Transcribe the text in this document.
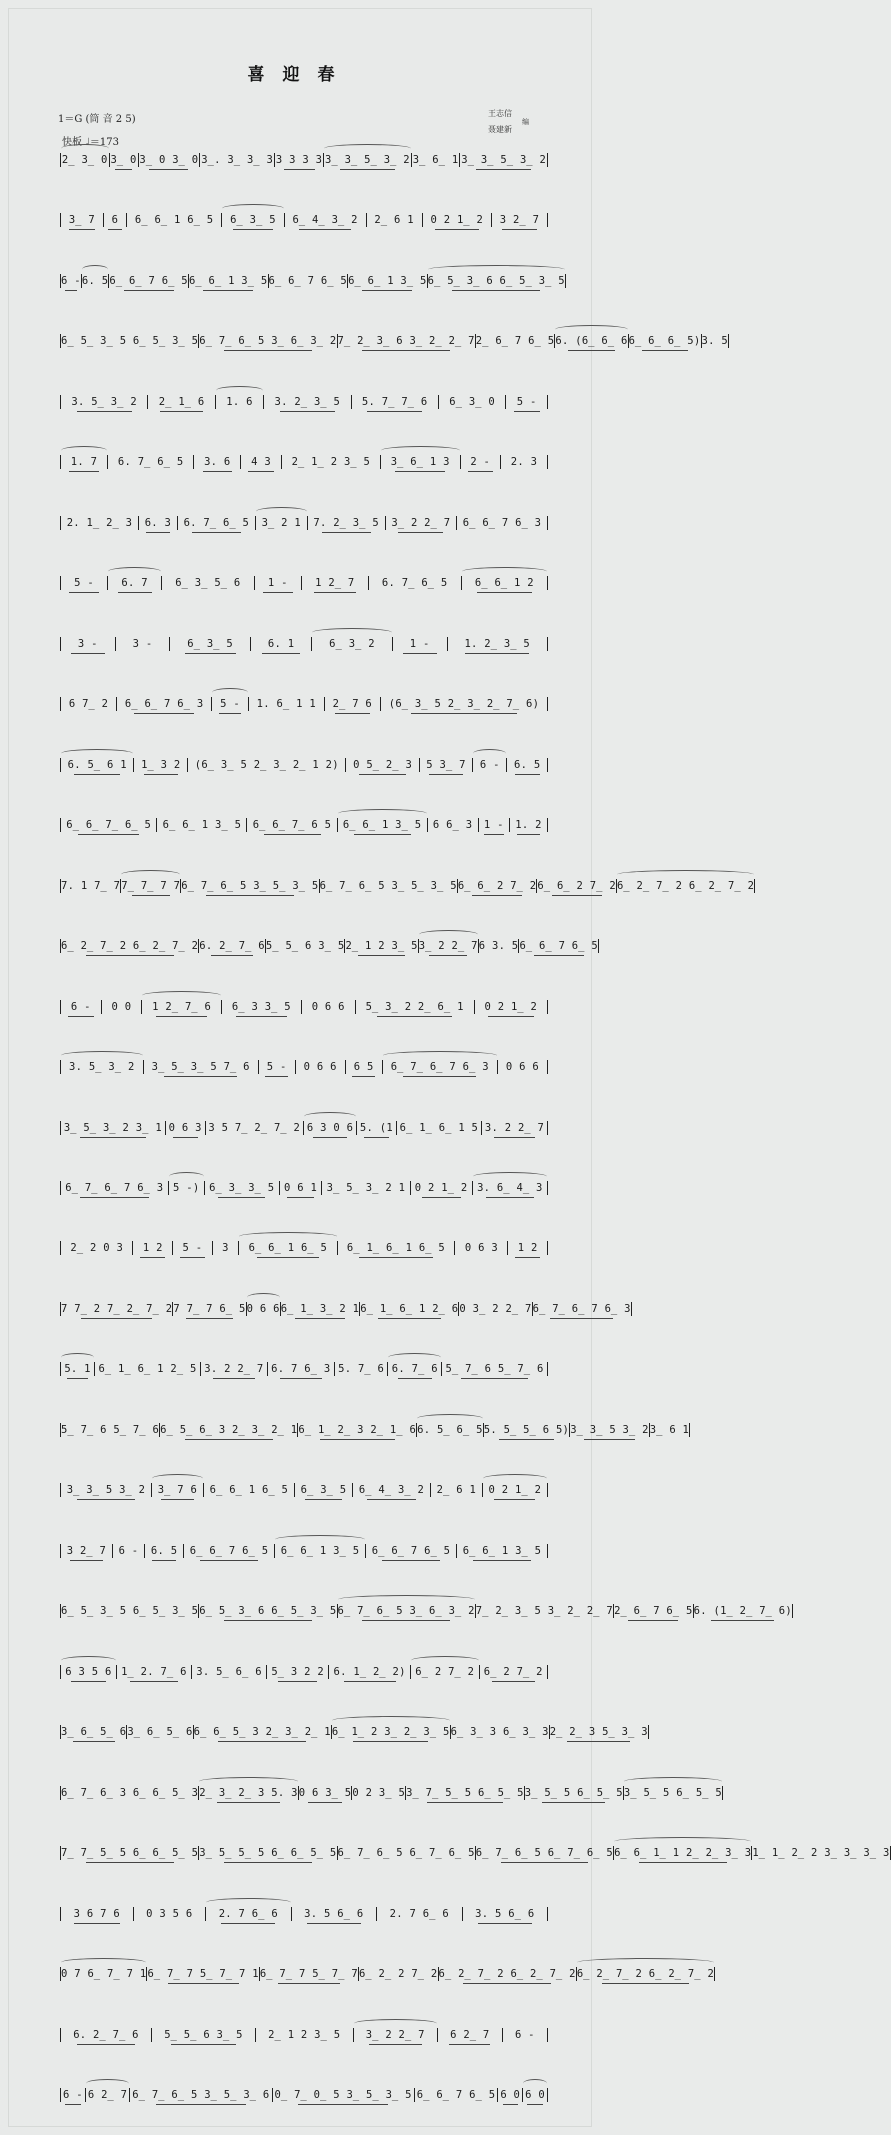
喜迎春
1＝G (筒 音 2 5)
快板 ♩＝173
王志信
聂建新
编
2̲ 3̲ 0 3̲ 0 3̲ 0 3̲ 0 3̲. 3̲ 3̲ 3 3 3 3 3 3̲ 3̲ 5̲ 3̲ 2 3̲ 6̲ 1 3̲ 3̲ 5̲ 3̲ 2
3̲ 7	6	6̲ 6̲ 1 6̲ 5	6̲ 3̲ 5	6̲ 4̲ 3̲ 2	2̲ 6 1	0 2 1̲ 2	3 2̲ 7
6 - 6. 5 6̲ 6̲ 7 6̲ 5 6̲ 6̲ 1 3̲ 5 6̲ 6̲ 7 6̲ 5 6̲ 6̲ 1 3̲ 5 6̲ 5̲ 3̲ 6 6̲ 5̲ 3̲ 5
6̲ 5̲ 3̲ 5 6̲ 5̲ 3̲ 5 6̲ 7̲ 6̲ 5 3̲ 6̲ 3̲ 2 7̲ 2̲ 3̲ 6 3̲ 2̲ 2̲ 7 2̲ 6̲ 7 6̲ 5 6. (6̲ 6̲ 6 6̲ 6̲ 6̲ 5) 3. 5
3. 5̲ 3̲ 2	2̲ 1̲ 6	1. 6	3. 2̲ 3̲ 5	5. 7̲ 7̲ 6	6̲ 3̲ 0	5 -
1. 7	6. 7̲ 6̲ 5	3. 6	4 3	2̲ 1̲ 2 3̲ 5	3̲ 6̲ 1 3	2 -	2. 3
2. 1̲ 2̲ 3	6. 3	6. 7̲ 6̲ 5	3̲ 2 1	7. 2̲ 3̲ 5	3̲ 2 2̲ 7	6̲ 6̲ 7 6̲ 3
5 -	6. 7	6̲ 3̲ 5̲ 6	1 -	1 2̲ 7	6. 7̲ 6̲ 5	6̲ 6̲ 1 2
3 -	3 -	6̲ 3̲ 5	6. 1	6̲ 3̲ 2	1 -	1. 2̲ 3̲ 5
6 7̲ 2	6̲ 6̲ 7 6̲ 3	5 -	1. 6̲ 1 1	2̲ 7 6	(6̲ 3̲ 5 2̲ 3̲ 2̲ 7̲ 6)
6. 5̲ 6 1	1̲ 3 2	(6̲ 3̲ 5 2̲ 3̲ 2̲ 1 2)	0 5̲ 2̲ 3	5 3̲ 7	6 -	6. 5
6̲ 6̲ 7̲ 6̲ 5	6̲ 6̲ 1 3̲ 5	6̲ 6̲ 7̲ 6 5	6̲ 6̲ 1 3̲ 5	6 6̲ 3	1 -	1. 2
7. 1 7̲ 7 7̲ 7̲ 7 7 6̲ 7̲ 6̲ 5 3̲ 5̲ 3̲ 5 6̲ 7̲ 6̲ 5 3̲ 5̲ 3̲ 5 6̲ 6̲ 2 7̲ 2 6̲ 6̲ 2 7̲ 2 6̲ 2̲ 7̲ 2 6̲ 2̲ 7̲ 2
6̲ 2̲ 7̲ 2 6̲ 2̲ 7̲ 2 6. 2̲ 7̲ 6 5̲ 5̲ 6 3̲ 5 2̲ 1 2 3̲ 5 3̲ 2 2̲ 7 6 3. 5 6̲ 6̲ 7 6̲ 5
6 -	0 0	1 2̲ 7̲ 6	6̲ 3 3̲ 5	0 6 6	5̲ 3̲ 2 2̲ 6̲ 1	0 2 1̲ 2
3. 5̲ 3̲ 2	3̲ 5̲ 3̲ 5 7̲ 6	5 -	0 6 6	6 5	6̲ 7̲ 6̲ 7 6̲ 3	0 6 6
3̲ 5̲ 3̲ 2 3̲ 1 0 6 3 3 5 7̲ 2̲ 7̲ 2 6 3 0 6 5. (1 6̲ 1̲ 6̲ 1 5 3. 2 2̲ 7
6̲ 7̲ 6̲ 7 6̲ 3 5 -) 6̲ 3̲ 3̲ 5 0 6 1 3̲ 5̲ 3̲ 2 1 0 2 1̲ 2 3. 6̲ 4̲ 3
2̲ 2 0 3	1 2	5 -	3	6̲ 6̲ 1 6̲ 5	6̲ 1̲ 6̲ 1 6̲ 5	0 6 3	1 2
7 7̲ 2 7̲ 2̲ 7̲ 2 7 7̲ 7 6̲ 5 0 6 6 6̲ 1̲ 3̲ 2 1 6̲ 1̲ 6̲ 1 2̲ 6 0 3̲ 2 2̲ 7 6̲ 7̲ 6̲ 7 6̲ 3
5. 1 6̲ 1̲ 6̲ 1 2̲ 5 3. 2 2̲ 7 6. 7 6̲ 3 5. 7̲ 6 6. 7̲ 6 5̲ 7̲ 6 5̲ 7̲ 6
5̲ 7̲ 6 5̲ 7̲ 6 6̲ 5̲ 6̲ 3 2̲ 3̲ 2̲ 1 6̲ 1̲ 2̲ 3 2̲ 1̲ 6 6. 5̲ 6̲ 5 5. 5̲ 5̲ 6 5) 3̲ 3̲ 5 3̲ 2 3̲ 6 1
3̲ 3̲ 5 3̲ 2	3̲ 7 6	6̲ 6̲ 1 6̲ 5	6̲ 3̲ 5	6̲ 4̲ 3̲ 2	2̲ 6 1	0 2 1̲ 2
3 2̲ 7	6 -	6. 5	6̲ 6̲ 7 6̲ 5	6̲ 6̲ 1 3̲ 5	6̲ 6̲ 7 6̲ 5	6̲ 6̲ 1 3̲ 5
6̲ 5̲ 3̲ 5 6̲ 5̲ 3̲ 5 6̲ 5̲ 3̲ 6 6̲ 5̲ 3̲ 5 6̲ 7̲ 6̲ 5 3̲ 6̲ 3̲ 2 7̲ 2̲ 3̲ 5 3̲ 2̲ 2̲ 7 2̲ 6̲ 7 6̲ 5 6. (1̲ 2̲ 7̲ 6)
6 3 5 6 1̲ 2. 7̲ 6 3. 5̲ 6̲ 6 5̲ 3 2 2 6. 1̲ 2̲ 2) 6̲ 2 7̲ 2 6̲ 2 7̲ 2
3̲ 6̲ 5̲ 6 3̲ 6̲ 5̲ 6 6̲ 6̲ 5̲ 3 2̲ 3̲ 2̲ 1 6̲ 1̲ 2 3̲ 2̲ 3̲ 5 6̲ 3̲ 3 6̲ 3̲ 3 2̲ 2̲ 3 5̲ 3̲ 3
6̲ 7̲ 6̲ 3 6̲ 6̲ 5̲ 3 2̲ 3̲ 2̲ 3 5. 3 0 6 3̲ 5 0 2 3̲ 5 3̲ 7̲ 5̲ 5 6̲ 5̲ 5 3̲ 5̲ 5 6̲ 5̲ 5 3̲ 5̲ 5 6̲ 5̲ 5
7̲ 7̲ 5̲ 5 6̲ 6̲ 5̲ 5 3̲ 5̲ 5̲ 5 6̲ 6̲ 5̲ 5 6̲ 7̲ 6̲ 5 6̲ 7̲ 6̲ 5 6̲ 7̲ 6̲ 5 6̲ 7̲ 6̲ 5 6̲ 6̲ 1̲ 1 2̲ 2̲ 3̲ 3 1̲ 1̲ 2̲ 2 3̲ 3̲ 3̲ 3
3 6 7 6	0 3 5 6	2. 7 6̲ 6	3. 5 6̲ 6	2. 7 6̲ 6	3. 5 6̲ 6
0 7 6̲ 7̲ 7 1 6̲ 7̲ 7 5̲ 7̲ 7 1 6̲ 7̲ 7 5̲ 7̲ 7 6̲ 2̲ 2 7̲ 2 6̲ 2̲ 7̲ 2 6̲ 2̲ 7̲ 2 6̲ 2̲ 7̲ 2 6̲ 2̲ 7̲ 2
6. 2̲ 7̲ 6	5̲ 5̲ 6 3̲ 5	2̲ 1 2 3̲ 5	3̲ 2 2̲ 7	6 2̲ 7	6 -
6 - 6 2̲ 7 6̲ 7̲ 6̲ 5 3̲ 5̲ 3̲ 6 0̲ 7̲ 0̲ 5 3̲ 5̲ 3̲ 5 6̲ 6̲ 7 6̲ 5 6 0 6 0
